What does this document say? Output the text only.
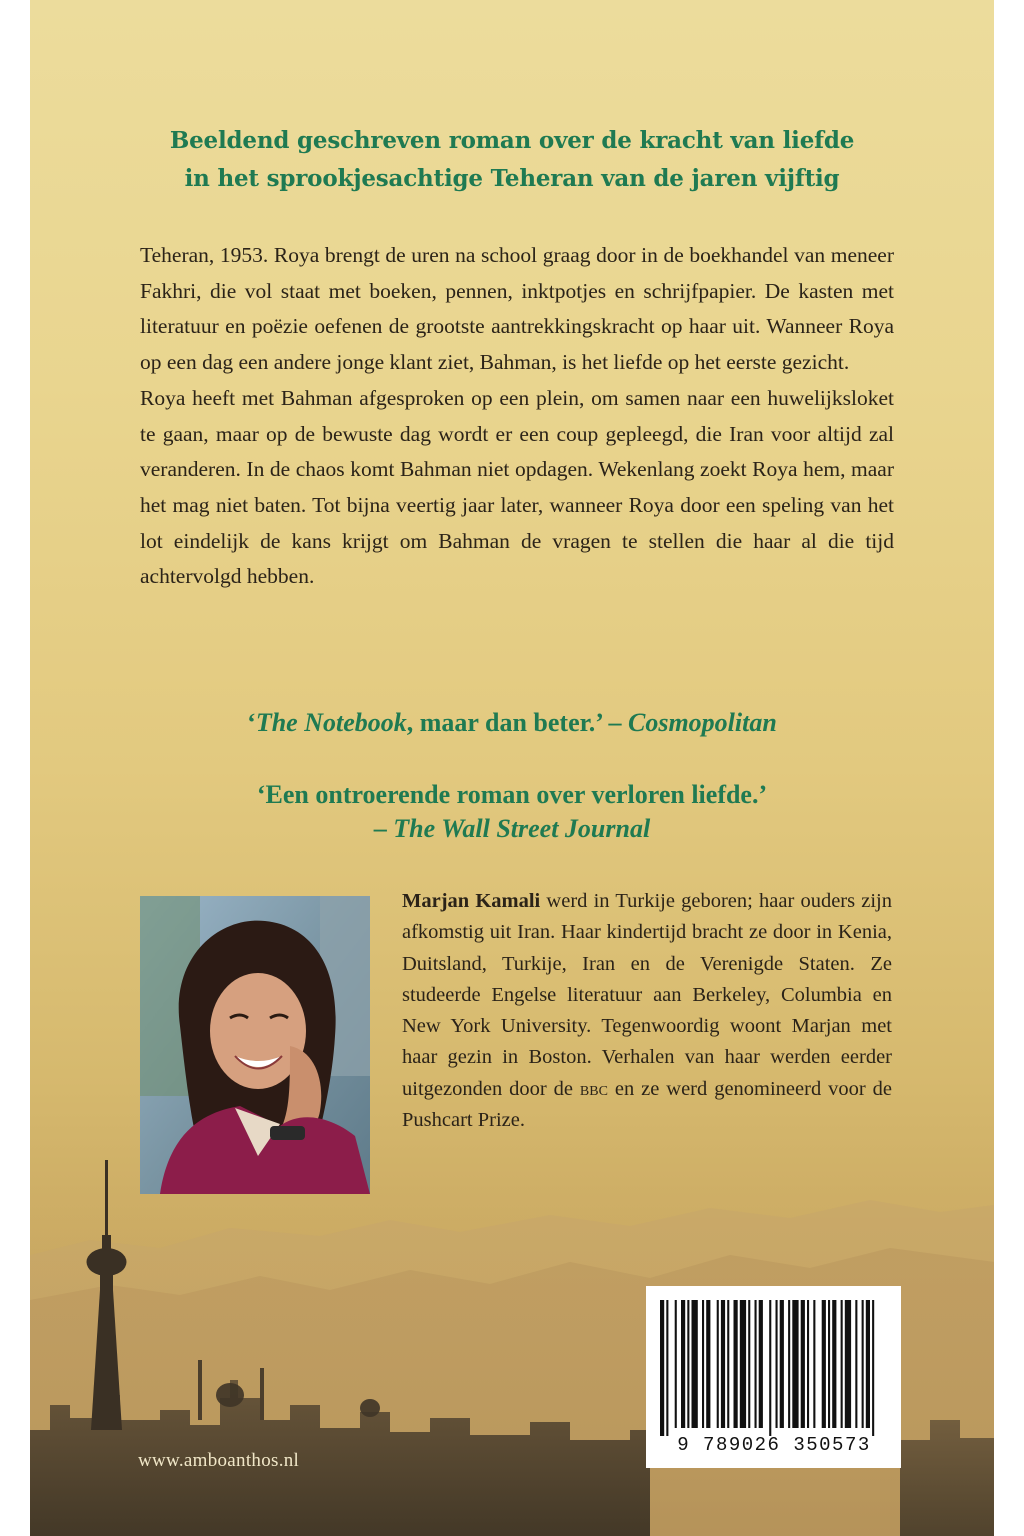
Beeldend geschreven roman over de kracht van liefde
in het sprookjesachtige Teheran van de jaren vijftig

Teheran, 1953. Roya brengt de uren na school graag door in de boekhandel van meneer Fakhri, die vol staat met boeken, pennen, inktpotjes en schrijfpapier. De kasten met literatuur en poëzie oefenen de grootste aantrekkingskracht op haar uit. Wanneer Roya op een dag een andere jonge klant ziet, Bahman, is het liefde op het eerste gezicht.

Roya heeft met Bahman afgesproken op een plein, om samen naar een huwelijksloket te gaan, maar op de bewuste dag wordt er een coup gepleegd, die Iran voor altijd zal veranderen. In de chaos komt Bahman niet opdagen. Wekenlang zoekt Roya hem, maar het mag niet baten. Tot bijna veertig jaar later, wanneer Roya door een speling van het lot eindelijk de kans krijgt om Bahman de vragen te stellen die haar al die tijd achtervolgd hebben.

‘The Notebook, maar dan beter.’ – Cosmopolitan
‘Een ontroerende roman over verloren liefde.’
– The Wall Street Journal
Marjan Kamali werd in Turkije geboren; haar ouders zijn afkomstig uit Iran. Haar kindertijd bracht ze door in Kenia, Duitsland, Turkije, Iran en de Verenigde Staten. Ze studeerde Engelse literatuur aan Berkeley, Columbia en New York University. Tegenwoordig woont Marjan met haar gezin in Boston. Verhalen van haar werden eerder uitgezonden door de bbc en ze werd genomineerd voor de Pushcart Prize.
www.amboanthos.nl
9 789026 350573
